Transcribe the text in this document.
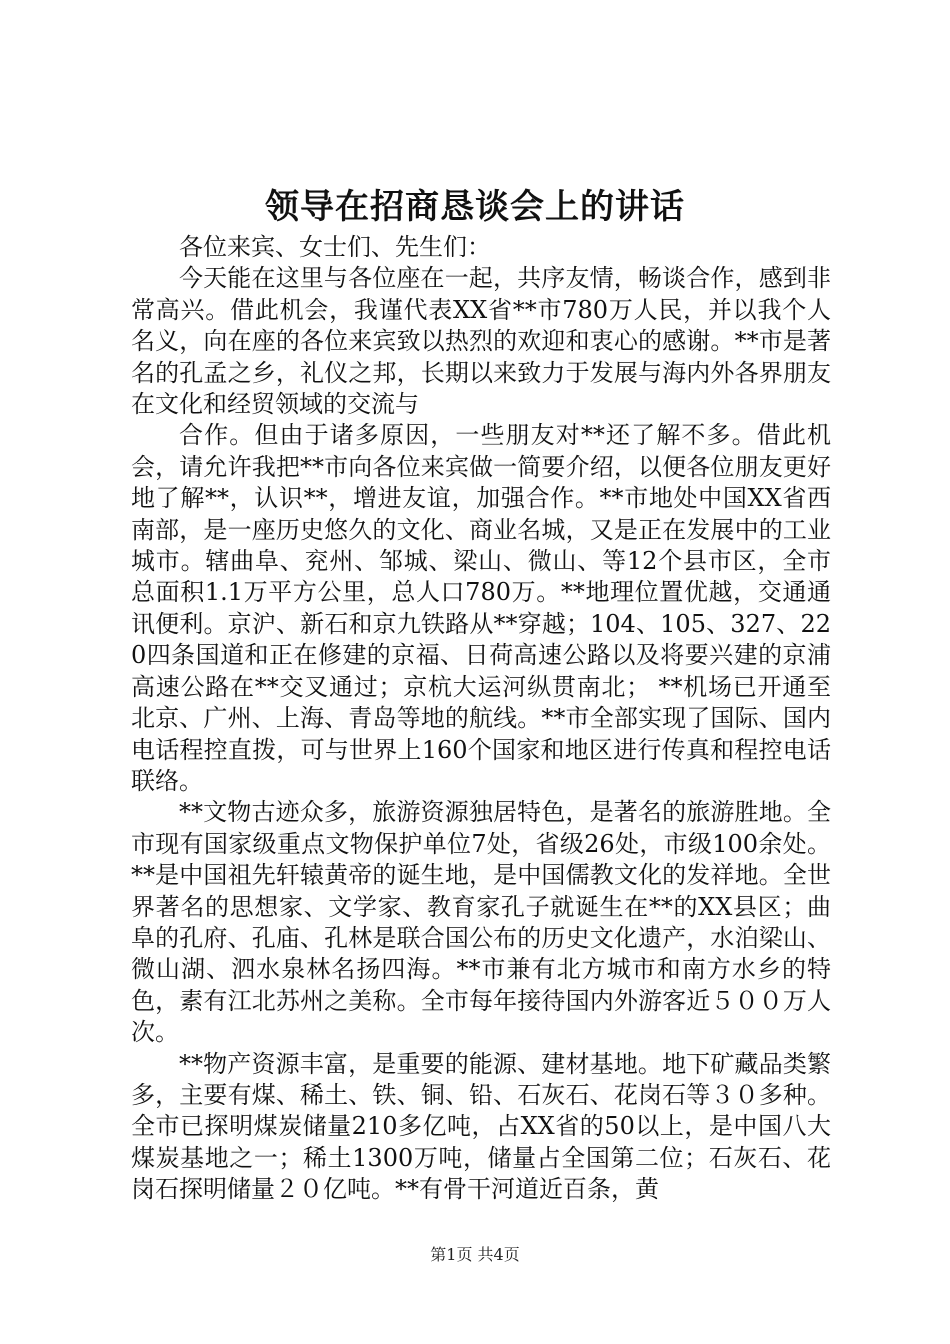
领导在招商恳谈会上的讲话

各位来宾、女士们、先生们：

今天能在这里与各位座在一起，共序友情，畅谈合作，感到非常高兴。借此机会，我谨代表XX省**市780万人民，并以我个人名义，向在座的各位来宾致以热烈的欢迎和衷心的感谢。**市是著名的孔孟之乡，礼仪之邦，长期以来致力于发展与海内外各界朋友在文化和经贸领域的交流与

合作。但由于诸多原因，一些朋友对**还了解不多。借此机会，请允许我把**市向各位来宾做一简要介绍，以便各位朋友更好地了解**，认识**，增进友谊，加强合作。**市地处中国XX省西南部，是一座历史悠久的文化、商业名城，又是正在发展中的工业城市。辖曲阜、兖州、邹城、梁山、微山、等12个县市区，全市总面积1.1万平方公里，总人口780万。**地理位置优越，交通通讯便利。京沪、新石和京九铁路从**穿越；104、105、327、220四条国道和正在修建的京福、日荷高速公路以及将要兴建的京浦高速公路在**交叉通过；京杭大运河纵贯南北； **机场已开通至北京、广州、上海、青岛等地的航线。**市全部实现了国际、国内电话程控直拨，可与世界上160个国家和地区进行传真和程控电话联络。

**文物古迹众多，旅游资源独居特色，是著名的旅游胜地。全市现有国家级重点文物保护单位7处，省级26处，市级100余处。**是中国祖先轩辕黄帝的诞生地，是中国儒教文化的发祥地。全世界著名的思想家、文学家、教育家孔子就诞生在**的XX县区；曲阜的孔府、孔庙、孔林是联合国公布的历史文化遗产，水泊梁山、微山湖、泗水泉林名扬四海。**市兼有北方城市和南方水乡的特色，素有江北苏州之美称。全市每年接待国内外游客近５００万人次。

**物产资源丰富，是重要的能源、建材基地。地下矿藏品类繁多，主要有煤、稀土、铁、铜、铅、石灰石、花岗石等３０多种。全市已探明煤炭储量210多亿吨，占XX省的50以上，是中国八大煤炭基地之一；稀土1300万吨，储量占全国第二位；石灰石、花岗石探明储量２０亿吨。**有骨干河道近百条，黄

第1页 共4页
